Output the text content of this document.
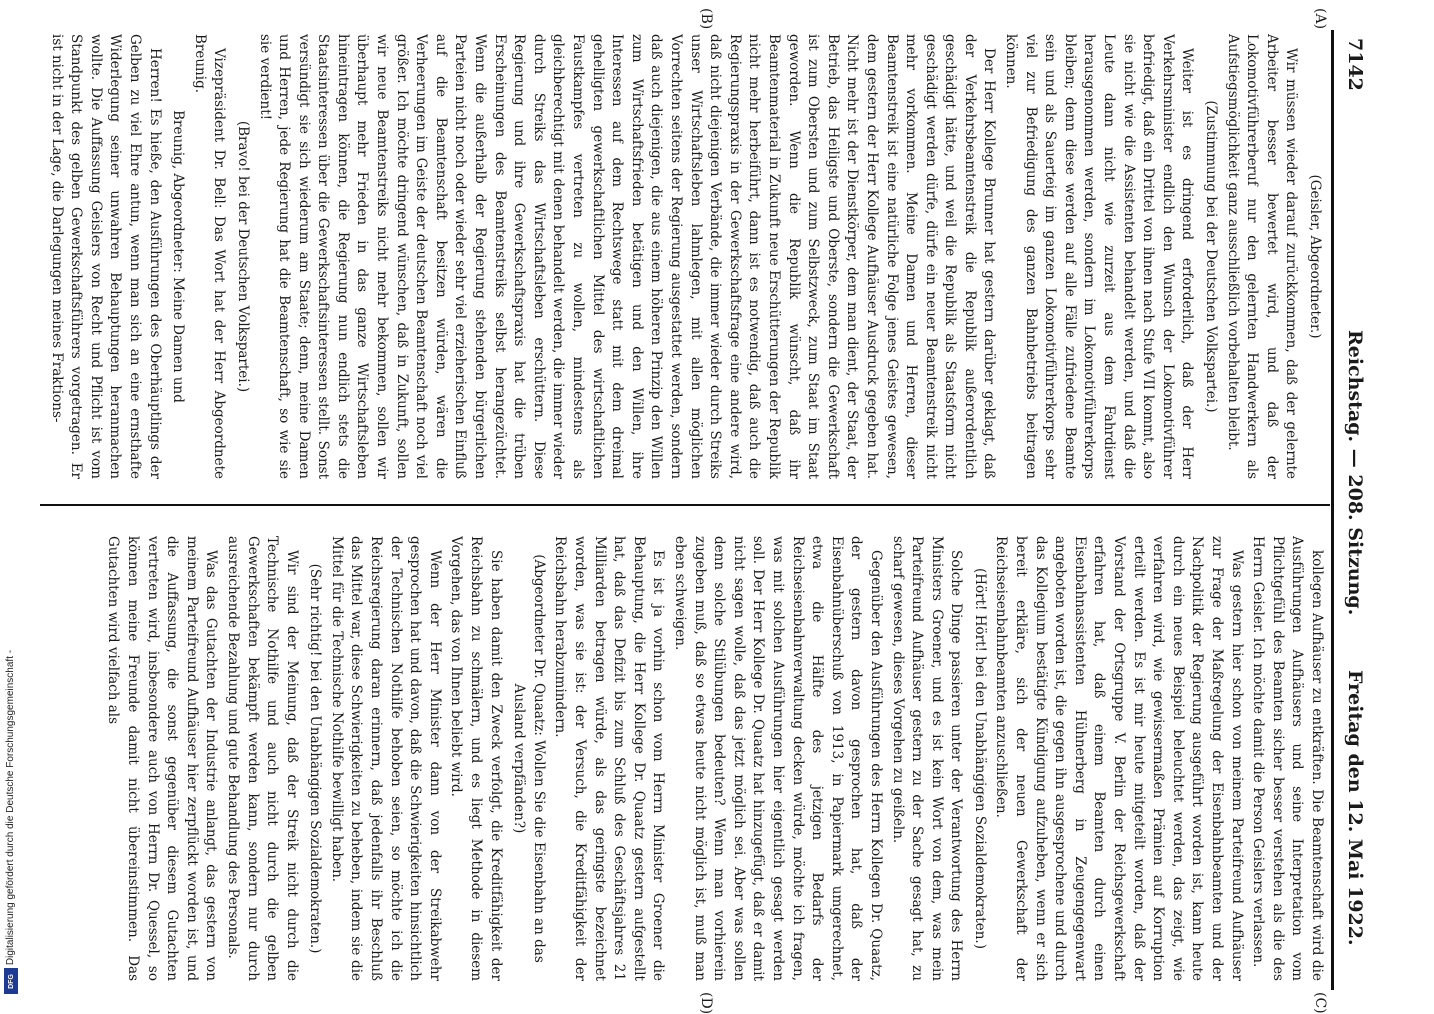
7142
Reichstag. — 208. Sitzung.
Freitag den 12. Mai 1922.
(A)
(B)
(C)
(D)

(Geisler, Abgeordneter.)

Wir müssen wieder darauf zurückkommen, daß der gelernte Arbeiter besser bewertet wird, und daß der Lokomotivführerberuf nur den gelernten Handwerkern als Aufstiegsmöglichkeit ganz ausschließlich vorbehalten bleibt.

(Zustimmung bei der Deutschen Volkspartei.)

Weiter ist es dringend erforderlich, daß der Herr Verkehrsminister endlich den Wunsch der Lokomotivführer befriedigt, daß ein Drittel von ihnen nach Stufe VII kommt, also sie nicht wie die Assistenten behandelt werden, und daß die Leute dann nicht wie zurzeit aus dem Fahrdienst herausgenommen werden, sondern im Lokomotivführerkorps bleiben; denn diese werden auf alle Fälle zufriedene Beamte sein und als Sauerteig im ganzen Lokomotivführerkorps sehr viel zur Befriedigung des ganzen Bahnbetriebs beitragen können.

Der Herr Kollege Brunner hat gestern darüber geklagt, daß der Verkehrsbeamtenstreik die Republik außerordentlich geschädigt hätte, und weil die Republik als Staatsform nicht geschädigt werden dürfe, dürfe ein neuer Beamtenstreik nicht mehr vorkommen. Meine Damen und Herren, dieser Beamtenstreik ist eine natürliche Folge jenes Geistes gewesen, dem gestern der Herr Kollege Aufhäuser Ausdruck gegeben hat. Nicht mehr ist der Dienstkörper, dem man dient, der Staat, der Betrieb, das Heiligste und Oberste, sondern die Gewerkschaft ist zum Obersten und zum Selbstzweck, zum Staat im Staat geworden. Wenn die Republik wünscht, daß ihr Beamtenmaterial in Zukunft neue Erschütterungen der Republik nicht mehr herbeiführt, dann ist es notwendig, daß auch die Regierungspraxis in der Gewerkschaftsfrage eine andere wird, daß nicht diejenigen Verbände, die immer wieder durch Streiks unser Wirtschaftsleben lahmlegen, mit allen möglichen Vorrechten seitens der Regierung ausgestattet werden, sondern daß auch diejenigen, die aus einem höheren Prinzip den Willen zum Wirtschaftsfrieden betätigen und den Willen, ihre Interessen auf dem Rechtswege statt mit dem dreimal gehelligten gewerkschaftlichen Mittel des wirtschaftlichen Faustkampfes vertreten zu wollen, mindestens als gleichberechtigt mit denen behandelt werden, die immer wieder durch Streiks das Wirtschaftsleben erschüttern. Diese Regierung und ihre Gewerkschaftspraxis hat die trüben Erscheinungen des Beamtenstreiks selbst herangezüchtet. Wenn die außerhalb der Regierung stehenden bürgerlichen Parteien nicht noch oder wieder sehr viel erzieherischen Einfluß auf die Beamtenschaft besitzen würden, wären die Verheerungen im Geiste der deutschen Beamtenschaft noch viel größer. Ich möchte dringend wünschen, daß in Zukunft, sollen wir neue Beamtenstreiks nicht mehr bekommen, sollen wir überhaupt mehr Frieden in das ganze Wirtschaftsleben hineintragen können, die Regierung nun endlich stets die Staatsinteressen über die Gewerkschaftsinteressen stellt. Sonst versündigt sie sich wiederum am Staate; denn, meine Damen und Herren, jede Regierung hat die Beamtenschaft, so wie sie sie verdient!

(Bravo! bei der Deutschen Volkspartei.)

Vizepräsident Dr. Bell: Das Wort hat der Herr Abgeordnete Breunig.

Breunig, Abgeordneter: Meine Damen und

Herren! Es hieße, den Ausführungen des Oberhäuptlings der Gelben zu viel Ehre antun, wenn man sich an eine ernsthafte Widerlegung seiner unwahren Behauptungen heranmachen wollte. Die Auffassung Geislers von Recht und Pflicht ist vom Standpunkt des gelben Gewerkschaftsführers vorgetragen. Er ist nicht in der Lage, die Darlegungen meines Fraktions-

kollegen Aufhäuser zu entkräften. Die Beamtenschaft wird die Ausführungen Aufhäusers und seine Interpretation vom Pflichtgefühl des Beamten sicher besser verstehen als die des Herrn Geisler. Ich möchte damit die Person Geislers verlassen.

Was gestern hier schon von meinem Parteifreund Aufhäuser zur Frage der Maßregelung der Eisenbahnbeamten und der Nachpolitik der Regierung ausgeführt worden ist, kann heute durch ein neues Beispiel beleuchtet werden, das zeigt, wie verfahren wird, wie gewissermaßen Prämien auf Korruption erteilt werden. Es ist mir heute mitgeteilt worden, daß der Vorstand der Ortsgruppe V. Berlin der Reichsgewerkschaft erfahren hat, daß einem Beamten durch einen Eisenbahnassistenten Hühnerberg in Zeugengegenwart angeboten worden ist, die gegen ihn ausgesprochene und durch das Kollegium bestätigte Kündigung aufzuheben, wenn er sich bereit erkläre, sich der neuen Gewerkschaft der Reichseisenbahnbeamten anzuschließen.

(Hört! Hört! bei den Unabhängigen Sozialdemokraten.)

Solche Dinge passieren unter der Verantwortung des Herrn Ministers Groener, und es ist kein Wort von dem, was mein Parteifreund Aufhäuser gestern zu der Sache gesagt hat, zu scharf gewesen, dieses Vorgehen zu geißeln.

Gegenüber den Ausführungen des Herrn Kollegen Dr. Quaatz, der gestern davon gesprochen hat, daß der Eisenbahnüberschuß von 1913, in Papiermark umgerechnet, etwa die Hälfte des jetzigen Bedarfs der Reichseisenbahnverwaltung decken würde, möchte ich fragen, was mit solchen Ausführungen hier eigentlich gesagt werden soll. Der Herr Kollege Dr. Quaatz hat hinzugefügt, daß er damit nicht sagen wolle, daß das jetzt möglich sei. Aber was sollen denn solche Stilübungen bedeuten? Wenn man vorhierein zugeben muß, daß so etwas heute nicht möglich ist, muß man eben schweigen.

Es ist ja vorhin schon vom Herrn Minister Groener die Behauptung, die Herr Kollege Dr. Quaatz gestern aufgestellt hat, daß das Defizit bis zum Schluß des Geschäftsjahres 21 Milliarden betragen würde, als das geringste bezeichnet worden, was sie ist: der Versuch, die Kreditfähigkeit der Reichsbahn herabzumindern.

(Abgeordneter Dr. Quaatz: Wollen Sie die Eisenbahn an das Ausland verpfänden?)

Sie haben damit den Zweck verfolgt, die Kreditfähigkeit der Reichsbahn zu schmälern, und es liegt Methode in diesem Vorgehen, das von Ihnen beliebt wird.

Wenn der Herr Minister dann von der Streikabwehr gesprochen hat und davon, daß die Schwierigkeiten hinsichtlich der Technischen Nothilfe behoben seien, so möchte ich die Reichsregierung daran erinnern, daß jedenfalls ihr Beschluß das Mittel war, diese Schwierigkeiten zu beheben, indem sie die Mittel für die Technische Nothilfe bewilligt haben.

(Sehr richtig! bei den Unabhängigen Sozialdemokraten.)

Wir sind der Meinung, daß der Streik nicht durch die Technische Nothilfe und auch nicht durch die gelben Gewerkschaften bekämpft werden kann, sondern nur durch ausreichende Bezahlung und gute Behandlung des Personals.

Was das Gutachten der Industrie anlangt, das gestern von meinem Parteifreund Aufhäuser hier zerpflückt worden ist, und die Auffassung, die sonst gegenüber diesem Gutachten vertreten wird, insbesondere auch von Herrn Dr. Quessel, so können meine Freunde damit nicht übereinstimmen. Das Gutachten wird vielfach als

Digitalisierung gefördert durch die Deutsche Forschungsgemeinschaft -
DFG
